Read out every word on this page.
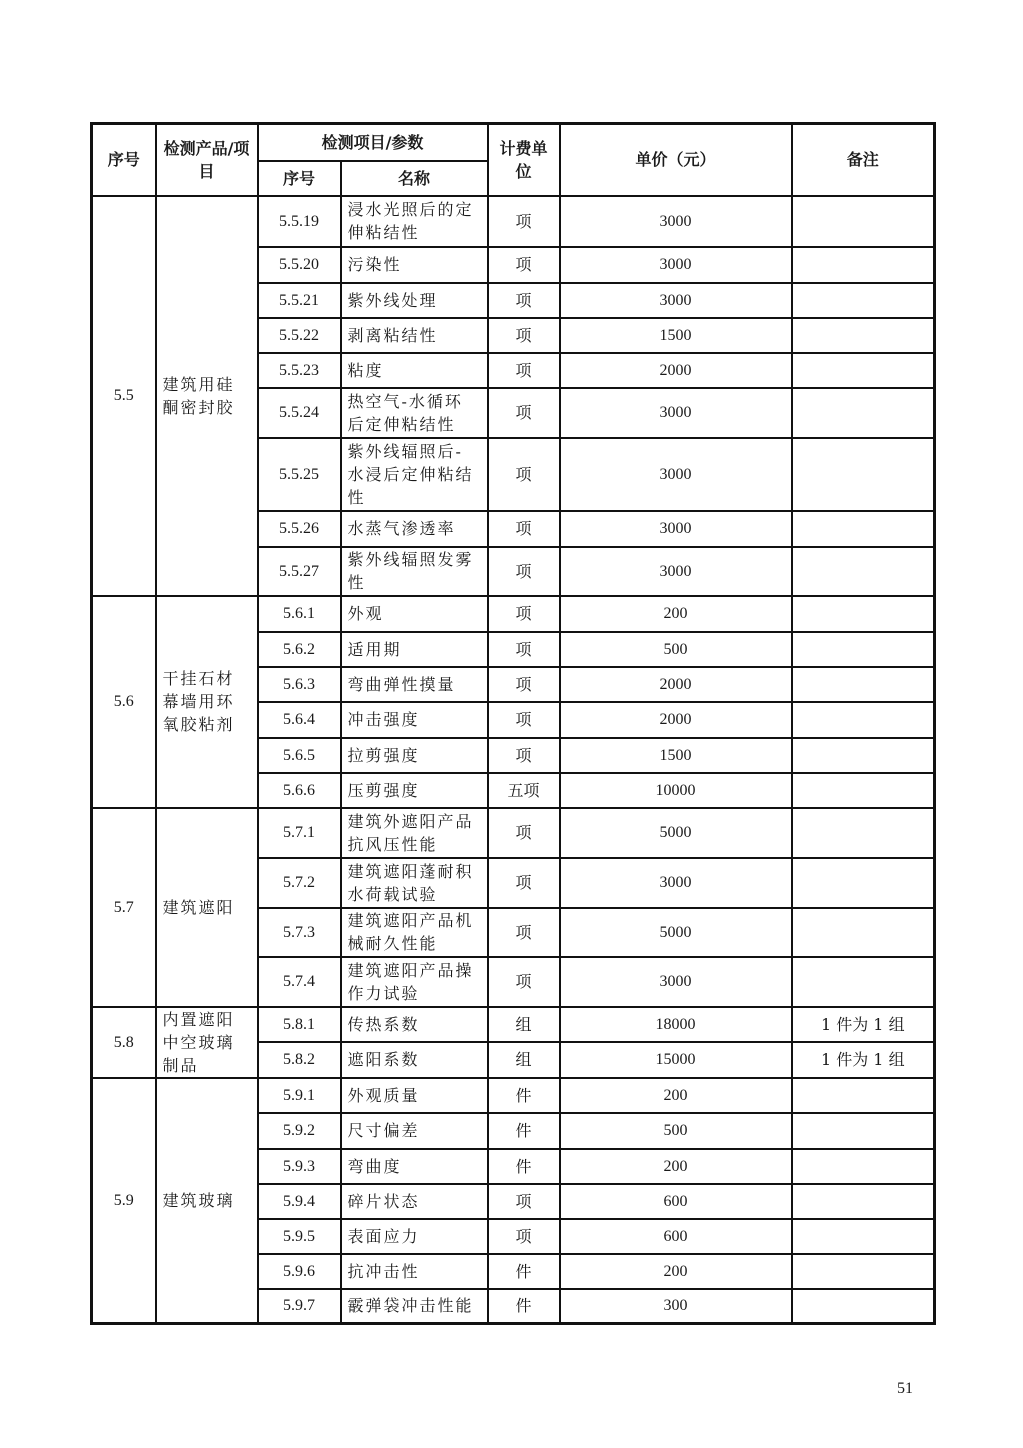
序号	检测产品/项目	检测项目/参数		计费单位	单价（元）	备注
		序号	名称			
5.5	建筑用硅酮密封胶	5.5.19	浸水光照后的定伸粘结性	项	3000	
		5.5.20	污染性	项	3000	
		5.5.21	紫外线处理	项	3000	
		5.5.22	剥离粘结性	项	1500	
		5.5.23	粘度	项	2000	
		5.5.24	热空气-水循环后定伸粘结性	项	3000	
		5.5.25	紫外线辐照后-水浸后定伸粘结性	项	3000	
		5.5.26	水蒸气渗透率	项	3000	
		5.5.27	紫外线辐照发雾性	项	3000	
5.6	干挂石材幕墙用环氧胶粘剂	5.6.1	外观	项	200	
		5.6.2	适用期	项	500	
		5.6.3	弯曲弹性摸量	项	2000	
		5.6.4	冲击强度	项	2000	
		5.6.5	拉剪强度	项	1500	
		5.6.6	压剪强度	五项	10000	
5.7	建筑遮阳	5.7.1	建筑外遮阳产品抗风压性能	项	5000	
		5.7.2	建筑遮阳蓬耐积水荷载试验	项	3000	
		5.7.3	建筑遮阳产品机械耐久性能	项	5000	
		5.7.4	建筑遮阳产品操作力试验	项	3000	
5.8	内置遮阳中空玻璃制品	5.8.1	传热系数	组	18000	1 件为 1 组
		5.8.2	遮阳系数	组	15000	1 件为 1 组
5.9	建筑玻璃	5.9.1	外观质量	件	200	
		5.9.2	尺寸偏差	件	500	
		5.9.3	弯曲度	件	200	
		5.9.4	碎片状态	项	600	
		5.9.5	表面应力	项	600	
		5.9.6	抗冲击性	件	200	
		5.9.7	霰弹袋冲击性能	件	300	
51
